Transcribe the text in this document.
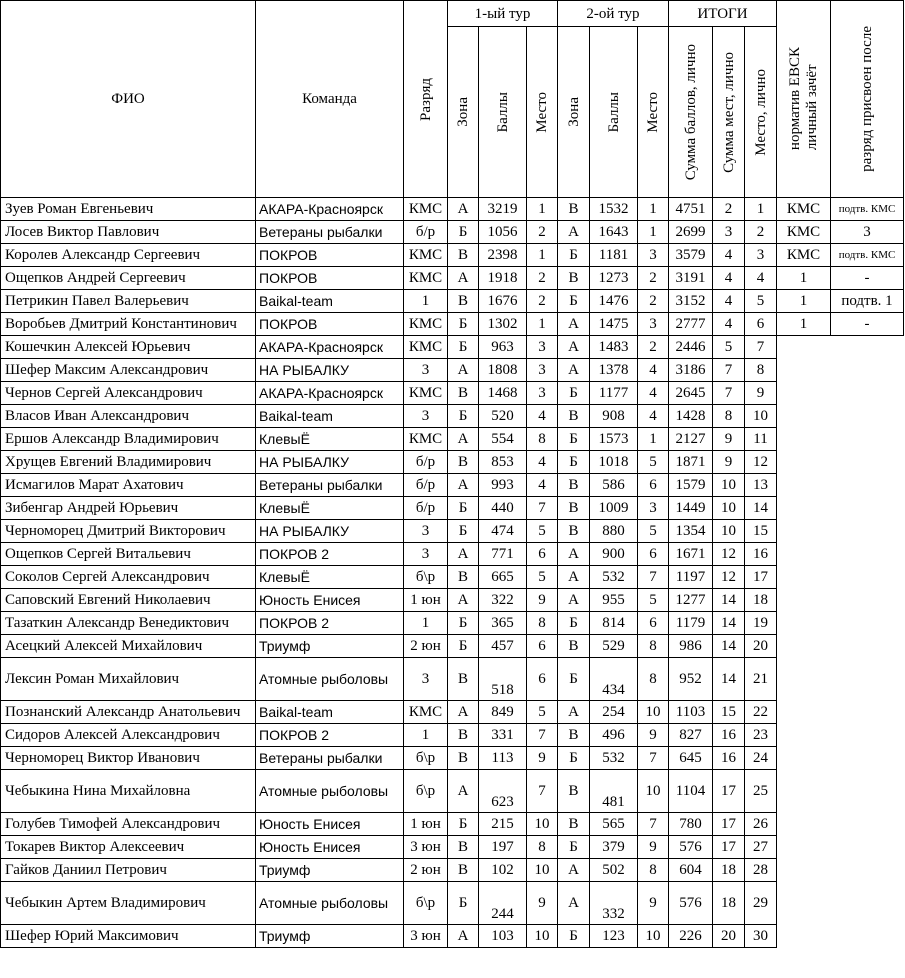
ФИО	Команда	Разряд	1-ый тур			2-ой тур			ИТОГИ			норматив ЕВСК
личный зачёт	разряд присвоен после

			Зона	Баллы	Место	Зона	Баллы	Место	Сумма баллов, лично	Сумма мест, лично	Место, лично		

Зуев Роман Евгеньевич	АКАРА-Красноярск	КМС	А	3219	1	В	1532	1	4751	2	1	КМС	подтв. КМС
Лосев Виктор Павлович	Ветераны рыбалки	б/р	Б	1056	2	А	1643	1	2699	3	2	КМС	3
Королев Александр Сергеевич	ПОКРОВ	КМС	В	2398	1	Б	1181	3	3579	4	3	КМС	подтв. КМС
Ощепков Андрей Сергеевич	ПОКРОВ	КМС	А	1918	2	В	1273	2	3191	4	4	1	-
Петрикин Павел Валерьевич	Baikal-team	1	В	1676	2	Б	1476	2	3152	4	5	1	подтв. 1
Воробьев Дмитрий Константинович	ПОКРОВ	КМС	Б	1302	1	А	1475	3	2777	4	6	1	-
Кошечкин Алексей Юрьевич	АКАРА-Красноярск	КМС	Б	963	3	А	1483	2	2446	5	7		
Шефер Максим Александрович	НА РЫБАЛКУ	3	А	1808	3	А	1378	4	3186	7	8		
Чернов Сергей Александрович	АКАРА-Красноярск	КМС	В	1468	3	Б	1177	4	2645	7	9		
Власов Иван Александрович	Baikal-team	3	Б	520	4	В	908	4	1428	8	10		
Ершов Александр Владимирович	КлевыЁ	КМС	А	554	8	Б	1573	1	2127	9	11		
Хрущев Евгений Владимирович	НА РЫБАЛКУ	б/р	В	853	4	Б	1018	5	1871	9	12		
Исмагилов Марат Ахатович	Ветераны рыбалки	б/р	А	993	4	В	586	6	1579	10	13		
Зибенгар Андрей Юрьевич	КлевыЁ	б/р	Б	440	7	В	1009	3	1449	10	14		
Черноморец Дмитрий Викторович	НА РЫБАЛКУ	3	Б	474	5	В	880	5	1354	10	15		
Ощепков Сергей Витальевич	ПОКРОВ 2	3	А	771	6	А	900	6	1671	12	16		
Соколов Сергей Александрович	КлевыЁ	б\р	В	665	5	А	532	7	1197	12	17		
Саповский Евгений Николаевич	Юность Енисея	1 юн	А	322	9	А	955	5	1277	14	18		
Тазаткин Александр Венедиктович	ПОКРОВ 2	1	Б	365	8	Б	814	6	1179	14	19		
Асецкий Алексей Михайлович	Триумф	2 юн	Б	457	6	В	529	8	986	14	20		
Лексин Роман Михайлович	Атомные рыболовы	3	В	518	6	Б	434	8	952	14	21		
Познанский Александр Анатольевич	Baikal-team	КМС	А	849	5	А	254	10	1103	15	22		
Сидоров Алексей Александрович	ПОКРОВ 2	1	В	331	7	В	496	9	827	16	23		
Черноморец Виктор Иванович	Ветераны рыбалки	б\р	В	113	9	Б	532	7	645	16	24		
Чебыкина Нина Михайловна	Атомные рыболовы	б\р	А	623	7	В	481	10	1104	17	25		
Голубев Тимофей Александрович	Юность Енисея	1 юн	Б	215	10	В	565	7	780	17	26		
Токарев Виктор Алексеевич	Юность Енисея	3 юн	В	197	8	Б	379	9	576	17	27		
Гайков Даниил Петрович	Триумф	2 юн	В	102	10	А	502	8	604	18	28		
Чебыкин Артем Владимирович	Атомные рыболовы	б\р	Б	244	9	А	332	9	576	18	29		
Шефер Юрий Максимович	Триумф	3 юн	А	103	10	Б	123	10	226	20	30		
